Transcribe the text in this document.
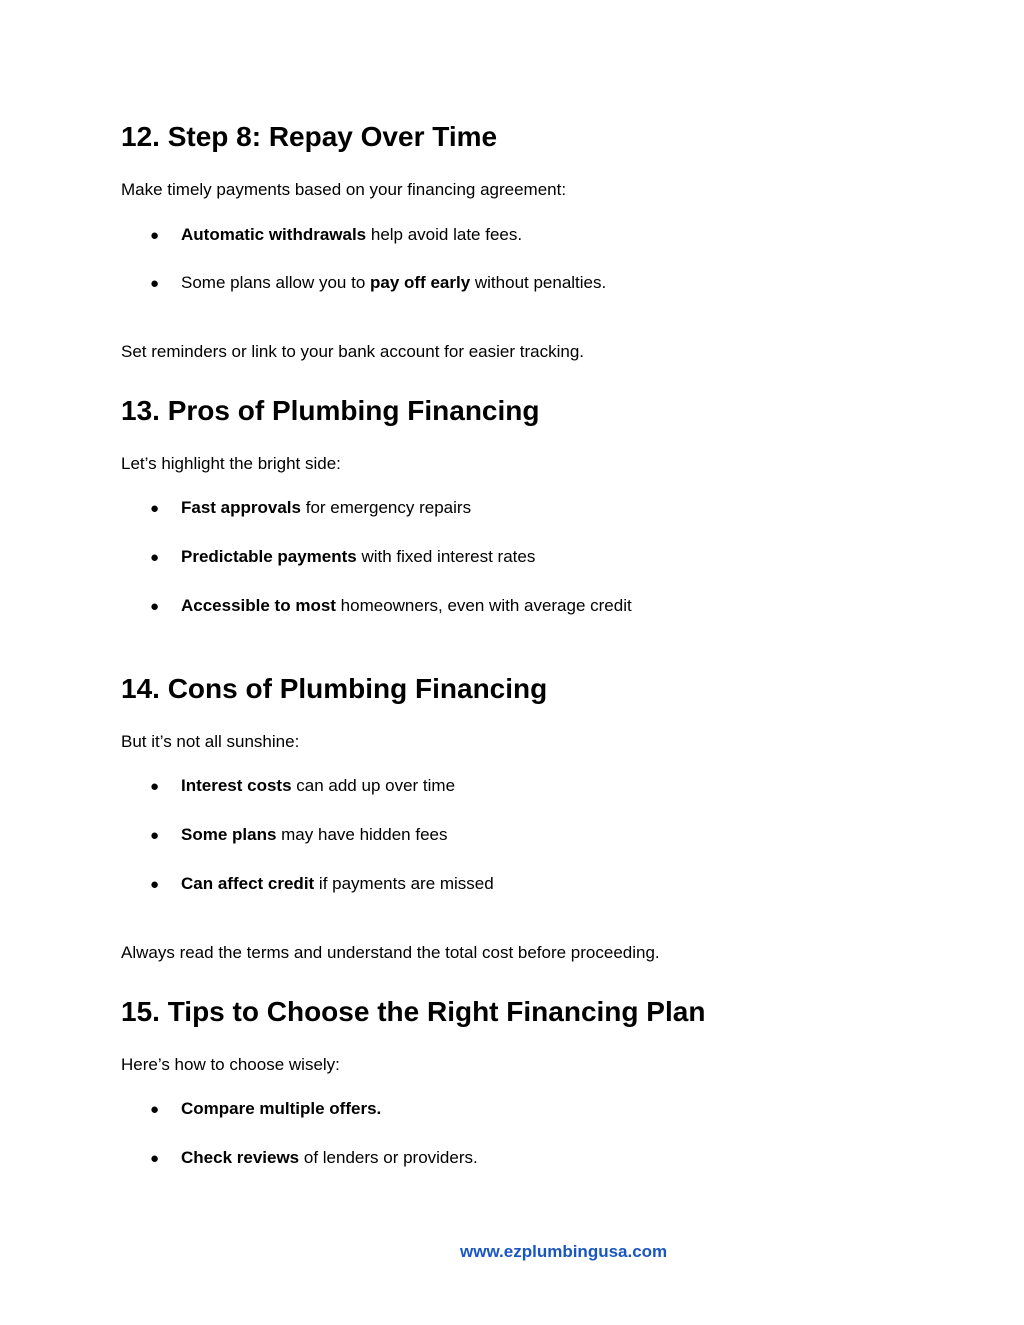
12. Step 8: Repay Over Time

Make timely payments based on your financing agreement:

● Automatic withdrawals help avoid late fees.
● Some plans allow you to pay off early without penalties.

Set reminders or link to your bank account for easier tracking.

13. Pros of Plumbing Financing

Let’s highlight the bright side:

● Fast approvals for emergency repairs
● Predictable payments with fixed interest rates
● Accessible to most homeowners, even with average credit
14. Cons of Plumbing Financing

But it’s not all sunshine:

● Interest costs can add up over time
● Some plans may have hidden fees
● Can affect credit if payments are missed

Always read the terms and understand the total cost before proceeding.

15. Tips to Choose the Right Financing Plan

Here’s how to choose wisely:

● Compare multiple offers.
● Check reviews of lenders or providers.
www.ezplumbingusa.com
